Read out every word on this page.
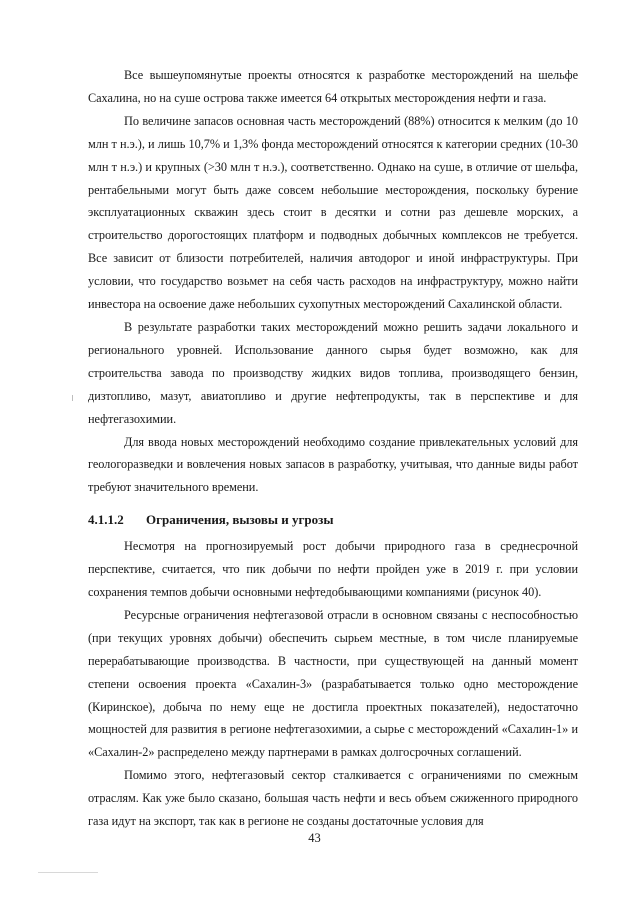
Все вышеупомянутые проекты относятся к разработке месторождений на шельфе Сахалина, но на суше острова также имеется 64 открытых месторождения нефти и газа.

По величине запасов основная часть месторождений (88%) относится к мелким (до 10 млн т н.э.), и лишь 10,7% и 1,3% фонда месторождений относятся к категории средних (10-30 млн т н.э.) и крупных (>30 млн т н.э.), соответственно. Однако на суше, в отличие от шельфа, рентабельными могут быть даже совсем небольшие месторождения, поскольку бурение эксплуатационных скважин здесь стоит в десятки и сотни раз дешевле морских, а строительство дорогостоящих платформ и подводных добычных комплексов не требуется. Все зависит от близости потребителей, наличия автодорог и иной инфраструктуры. При условии, что государство возьмет на себя часть расходов на инфраструктуру, можно найти инвестора на освоение даже небольших сухопутных месторождений Сахалинской области.

В результате разработки таких месторождений можно решить задачи локального и регионального уровней. Использование данного сырья будет возможно, как для строительства завода по производству жидких видов топлива, производящего бензин, дизтопливо, мазут, авиатопливо и другие нефтепродукты, так в перспективе и для нефтегазохимии.

Для ввода новых месторождений необходимо создание привлекательных условий для геологоразведки и вовлечения новых запасов в разработку, учитывая, что данные виды работ требуют значительного времени.

4.1.1.2	Ограничения, вызовы и угрозы

Несмотря на прогнозируемый рост добычи природного газа в среднесрочной перспективе, считается, что пик добычи по нефти пройден уже в 2019 г. при условии сохранения темпов добычи основными нефтедобывающими компаниями (рисунок 40).

Ресурсные ограничения нефтегазовой отрасли в основном связаны с неспособностью (при текущих уровнях добычи) обеспечить сырьем местные, в том числе планируемые перерабатывающие производства. В частности, при существующей на данный момент степени освоения проекта «Сахалин-3» (разрабатывается только одно месторождение (Киринское), добыча по нему еще не достигла проектных показателей), недостаточно мощностей для развития в регионе нефтегазохимии, а сырье с месторождений «Сахалин-1» и «Сахалин-2» распределено между партнерами в рамках долгосрочных соглашений.

Помимо этого, нефтегазовый сектор сталкивается с ограничениями по смежным отраслям. Как уже было сказано, большая часть нефти и весь объем сжиженного природного газа идут на экспорт, так как в регионе не созданы достаточные условия для

43
